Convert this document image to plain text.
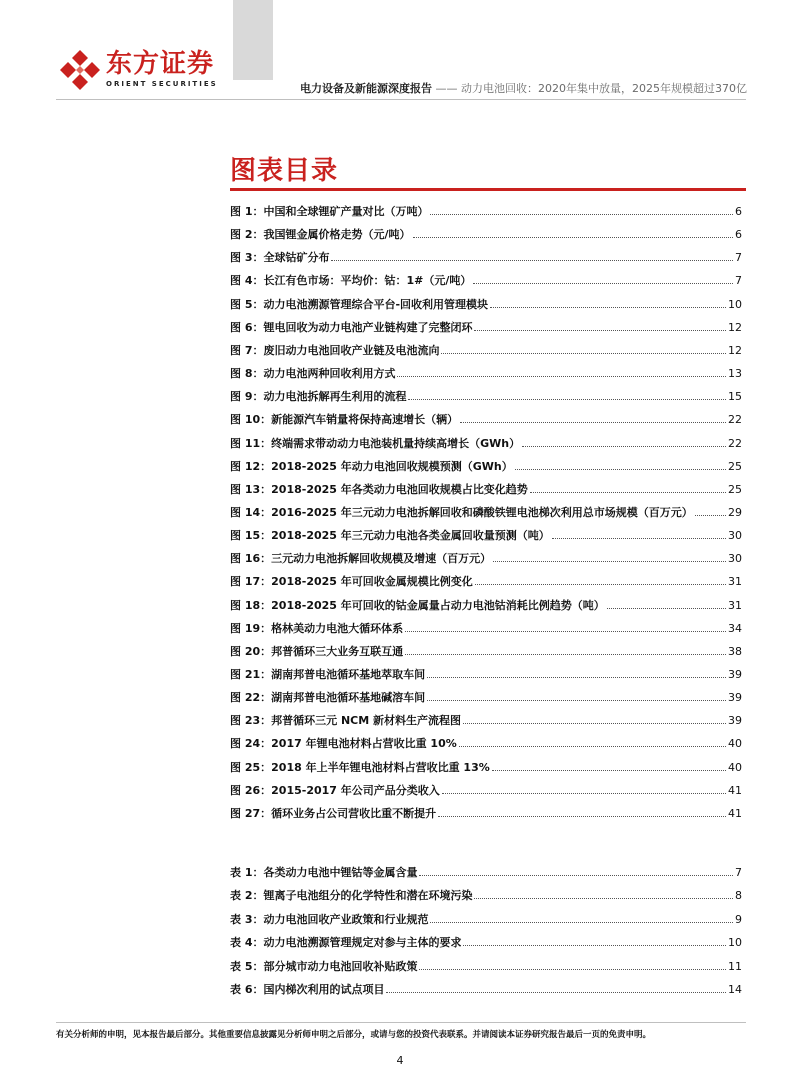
东方证券
ORIENT SECURITIES	电力设备及新能源深度报告 —— 动力电池回收：2020年集中放量，2025年规模超过370亿
图表目录
图 1：中国和全球锂矿产量对比（万吨）	6
图 2：我国锂金属价格走势（元/吨）	6
图 3：全球钴矿分布	7
图 4：长江有色市场：平均价：钴：1#（元/吨）	7
图 5：动力电池溯源管理综合平台-回收利用管理模块	10
图 6：锂电回收为动力电池产业链构建了完整闭环	12
图 7：废旧动力电池回收产业链及电池流向	12
图 8：动力电池两种回收利用方式	13
图 9：动力电池拆解再生利用的流程	15
图 10：新能源汽车销量将保持高速增长（辆）	22
图 11：终端需求带动动力电池装机量持续高增长（GWh）	22
图 12：2018-2025 年动力电池回收规模预测（GWh）	25
图 13：2018-2025 年各类动力电池回收规模占比变化趋势	25
图 14：2016-2025 年三元动力电池拆解回收和磷酸铁锂电池梯次利用总市场规模（百万元）	29
图 15：2018-2025 年三元动力电池各类金属回收量预测（吨）	30
图 16：三元动力电池拆解回收规模及增速（百万元）	30
图 17：2018-2025 年可回收金属规模比例变化	31
图 18：2018-2025 年可回收的钴金属量占动力电池钴消耗比例趋势（吨）	31
图 19：格林美动力电池大循环体系	34
图 20：邦普循环三大业务互联互通	38
图 21：湖南邦普电池循环基地萃取车间	39
图 22：湖南邦普电池循环基地碱溶车间	39
图 23：邦普循环三元 NCM 新材料生产流程图	39
图 24：2017 年锂电池材料占营收比重 10%	40
图 25：2018 年上半年锂电池材料占营收比重 13%	40
图 26：2015-2017 年公司产品分类收入	41
图 27：循环业务占公司营收比重不断提升	41
表 1：各类动力电池中锂钴等金属含量	7
表 2：锂离子电池组分的化学特性和潜在环境污染	8
表 3：动力电池回收产业政策和行业规范	9
表 4：动力电池溯源管理规定对参与主体的要求	10
表 5：部分城市动力电池回收补贴政策	11
表 6：国内梯次利用的试点项目	14
有关分析师的申明，见本报告最后部分。其他重要信息披露见分析师申明之后部分，或请与您的投资代表联系。并请阅读本证券研究报告最后一页的免责申明。
4
